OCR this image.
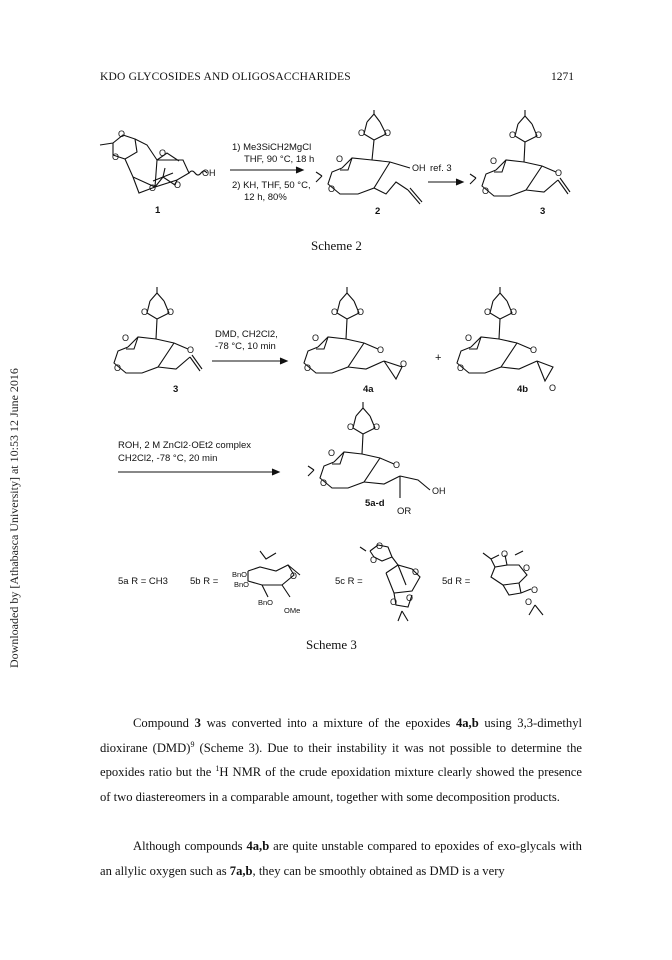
KDO GLYCOSIDES AND OLIGOSACCHARIDES	1271
Downloaded by [Athabasca University] at 10:53 12 June 2016
O
O	O
O O
OH
1
1) Me3SiCH2MgCl
THF, 90 °C, 18 h
2) KH, THF, 50 °C,
12 h, 80%
O O
OH
O
O
2
ref. 3
O O
O
O
O
3
Scheme 2
O O
O
O
O
3
DMD, CH2Cl2,
-78 °C, 10 min
O O
O
O
O	O
4a
+
O O
O
O
O
O
4b
ROH, 2 M ZnCl2·OEt2 complex
CH2Cl2, -78 °C, 20 min
O O
O
O
O
OH
5a-d
OR
5a R = CH3 5b R =	O
BnO
BnO
BnO
OMe
5c R =
O
O
O
O O
5d R =
O
O
O
O
Scheme 3
Compound 3 was converted into a mixture of the epoxides 4a,b using 3,3-dimethyl dioxirane (DMD)$^9$ (Scheme 3). Due to their instability it was not possible to determine the epoxides ratio but the $^1$H NMR of the crude epoxidation mixture clearly showed the presence of two diastereomers in a comparable amount, together with some decomposition products.
Although compounds 4a,b are quite unstable compared to epoxides of exo-glycals with an allylic oxygen such as 7a,b, they can be smoothly obtained as DMD is a very
